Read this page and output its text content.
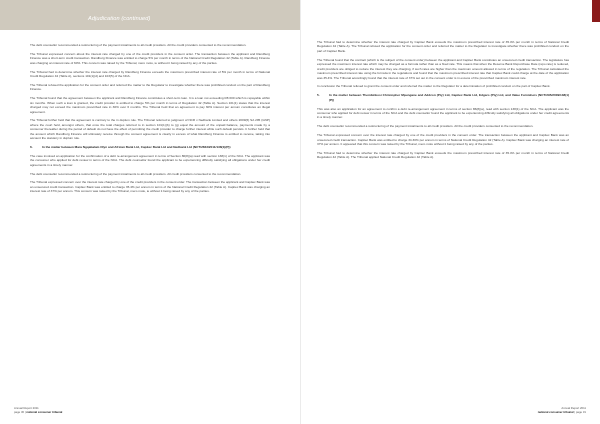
Adjudication (continued)

The debt counsellor recommended a restructuring of the payment instalments to all credit providers. All the credit providers consented to the recommendation.

The Tribunal expressed concern about the interest rate charged by one of the credit providers in the consent order. The transaction between the applicant and Randburg Finance was a short-term credit transaction. Randburg Finance was entitled to charge 5% per month in terms of the National Credit Regulation 42 (Table A). Randburg Finance was charging an interest rate of 60%. This concern was raised by the Tribunal, mero motu, ie without it being raised by any of the parties.

The Tribunal had to determine whether the interest rate charged by Randburg Finance exceeds the maximum prescribed interest rate of 5% per month in terms of National Credit Regulation 42 (Table A), sections 101(1)(d) and 103(5) of the NCA.

The Tribunal refused the application for the consent order and referred the matter to the Regulator to investigate whether there was prohibited conduct on the part of Randburg Finance.

The Tribunal found that the agreement between the applicant and Randburg Finance constitutes a short-term loan. It is a loan not exceeding R8 000 which is repayable within six months. When such a loan is granted, the credit provider is entitled to charge 5% per month in terms of Regulation 42 (Table A). Section 101(1) states that the interest charged may not exceed the maximum prescribed rate in 30% over 6 months. The Tribunal held that an agreement to pay 60% interest per annum constitutes an illegal agreement.

The Tribunal further held that the agreement is contrary to the in duplum rule. The Tribunal referred to judgment of NCR v Nedbank Limited and others 2009(6) SA 295 (GNP) where the court held, amongst others, that once the total charges referred to in section 101(1)(b) to (g) equal the amount of the unpaid balance, payments made by a consumer thereafter during the period of default do not have the effect of permitting the credit provider to charge further interest while such default persists. It further held that the amount which Randburg Finance will ultimately receive through the consent agreement is clearly in excess of what Randburg Finance is entitled to receive, taking into account the statutory in duplum rule.

6.	In the matter between Mara Ngqabalam Olyn and African Bank Ltd, Capitec Bank Ltd and Nedbank Ltd (NCT/2663/2011/138(1)(P))

The case involved an application for the confirmation of a debt re-arrangement agreement in terms of Section 86(8)(a) read with section 138(1) of the NCA. The applicant was the consumer who applied for debt review in terms of the NCA. The debt counsellor found the applicant to be experiencing difficulty satisfying all obligations under her credit agreements in a timely manner.

The debt counsellor recommended a restructuring of the payment instalments to all credit providers. All credit providers consented to the recommendation.

The Tribunal expressed concern over the interest rate charged by one of the credit providers in the consent order. The transaction between the applicant and Capitec Bank was an unsecured credit transaction. Capitec Bank was entitled to charge 35.4% per annum in terms of the National Credit Regulation 42 (Table A). Capitec Bank was charging an interest rate of 37% per annum. This concern was raised by the Tribunal, mero motu, ie without it being raised by any of the parties.

Annual Report 2011
page 30 | national consumer tribunal

The Tribunal had to determine whether the interest rate charged by Capitec Bank exceeds the maximum prescribed interest rate of 35.4% per month in terms of National Credit Regulation 42 (Table A). The Tribunal refused the application for the consent order and referred the matter to the Regulator to investigate whether there was prohibited conduct on the part of Capitec Bank.

The Tribunal found that the contract (which is the subject of the consent order) between the applicant and Capitec Bank constitutes an unsecured credit transaction. The legislature has expressed the maximum interest rate which may be charged as a formula rather than as a fixed rate. This means that when the Reserve Bank Repurchase Rate (repo rate) is reduced, credit providers are obliged to reduce the interest they are charging, if such rates are higher than the maximum amount allowed in terms of the regulation. The Tribunal calculated the maximum prescribed interest rate using the formula in the regulations and found that the maximum prescribed interest rate that Capitec Bank could charge at the date of the application was 35.4%. The Tribunal accordingly found that the interest rate of 37% set out in the consent order is in excess of the prescribed maximum interest rate.

In conclusion the Tribunal refused to grant the consent order and referred the matter to the Regulator for a determination of prohibited conduct on the part of Capitec Bank.

5.	In the matter between Thembinkosi Christopher Mpungane and Addcon (Pty) Ltd, Capitec Bank Ltd, Edgars (Pty) Ltd, and Value Furnishers (NCT/295/2009/138(1)(P))

This was also an application for an agreement to confirm a debt re-arrangement agreement in terms of section 86(8)(a), read with section 138(1) of the NCA. The applicant was the consumer who applied for debt review in terms of the NCA and the debt counsellor found the applicant to be experiencing difficulty satisfying all obligations under her credit agreements in a timely manner.

The debt counsellor recommended a restructuring of the payment instalments to all credit providers. All the credit providers consented to the recommendation.

The Tribunal expressed concern over the interest rate charged by one of the credit providers in the consent order. The transaction between the applicant and Capitec Bank was an unsecured credit transaction. Capitec Bank was entitled to charge 34.30% per annum in terms of National Credit Regulation 42 (Table A). Capitec Bank was charging an interest rate of 37% per annum. It appeared that this concern was raised by the Tribunal, mero motu without it being raised by any of the parties.

The Tribunal had to determine whether the interest rate charged by Capitec Bank exceeds the maximum prescribed interest rate of 35.4% per month in terms of National Credit Regulation 42 (Table A). The Tribunal applied National Credit Regulation 42 (Table A).

Annual Report 2011
national consumer tribunal | page 31
